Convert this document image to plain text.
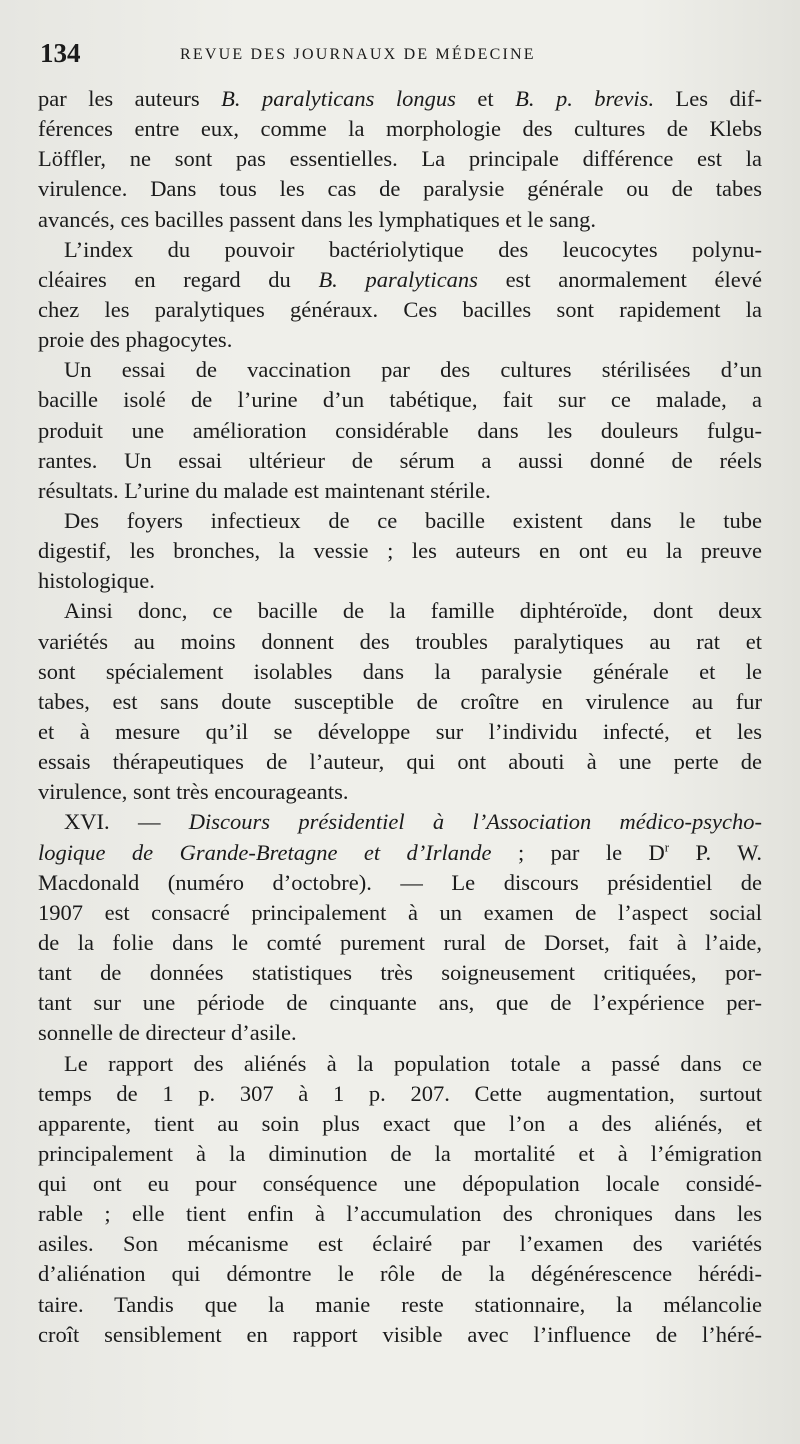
134	REVUE DES JOURNAUX DE MÉDECINE
par les auteurs B. paralyticans longus et B. p. brevis. Les dif-
férences entre eux, comme la morphologie des cultures de Klebs
Löffler, ne sont pas essentielles. La principale différence est la
virulence. Dans tous les cas de paralysie générale ou de tabes
avancés, ces bacilles passent dans les lymphatiques et le sang.
L’index du pouvoir bactériolytique des leucocytes polynu-
cléaires en regard du B. paralyticans est anormalement élevé
chez les paralytiques généraux. Ces bacilles sont rapidement la
proie des phagocytes.
Un essai de vaccination par des cultures stérilisées d’un
bacille isolé de l’urine d’un tabétique, fait sur ce malade, a
produit une amélioration considérable dans les douleurs fulgu-
rantes. Un essai ultérieur de sérum a aussi donné de réels
résultats. L’urine du malade est maintenant stérile.
Des foyers infectieux de ce bacille existent dans le tube
digestif, les bronches, la vessie ; les auteurs en ont eu la preuve
histologique.
Ainsi donc, ce bacille de la famille diphtéroïde, dont deux
variétés au moins donnent des troubles paralytiques au rat et
sont spécialement isolables dans la paralysie générale et le
tabes, est sans doute susceptible de croître en virulence au fur
et à mesure qu’il se développe sur l’individu infecté, et les
essais thérapeutiques de l’auteur, qui ont abouti à une perte de
virulence, sont très encourageants.
XVI. — Discours présidentiel à l’Association médico-psycho-
logique de Grande-Bretagne et d’Irlande ; par le $D^r$ P. W.
Macdonald (numéro d’octobre). — Le discours présidentiel de
1907 est consacré principalement à un examen de l’aspect social
de la folie dans le comté purement rural de Dorset, fait à l’aide,
tant de données statistiques très soigneusement critiquées, por-
tant sur une période de cinquante ans, que de l’expérience per-
sonnelle de directeur d’asile.
Le rapport des aliénés à la population totale a passé dans ce
temps de 1 p. 307 à 1 p. 207. Cette augmentation, surtout
apparente, tient au soin plus exact que l’on a des aliénés, et
principalement à la diminution de la mortalité et à l’émigration
qui ont eu pour conséquence une dépopulation locale considé-
rable ; elle tient enfin à l’accumulation des chroniques dans les
asiles. Son mécanisme est éclairé par l’examen des variétés
d’aliénation qui démontre le rôle de la dégénérescence hérédi-
taire. Tandis que la manie reste stationnaire, la mélancolie
croît sensiblement en rapport visible avec l’influence de l’héré-
